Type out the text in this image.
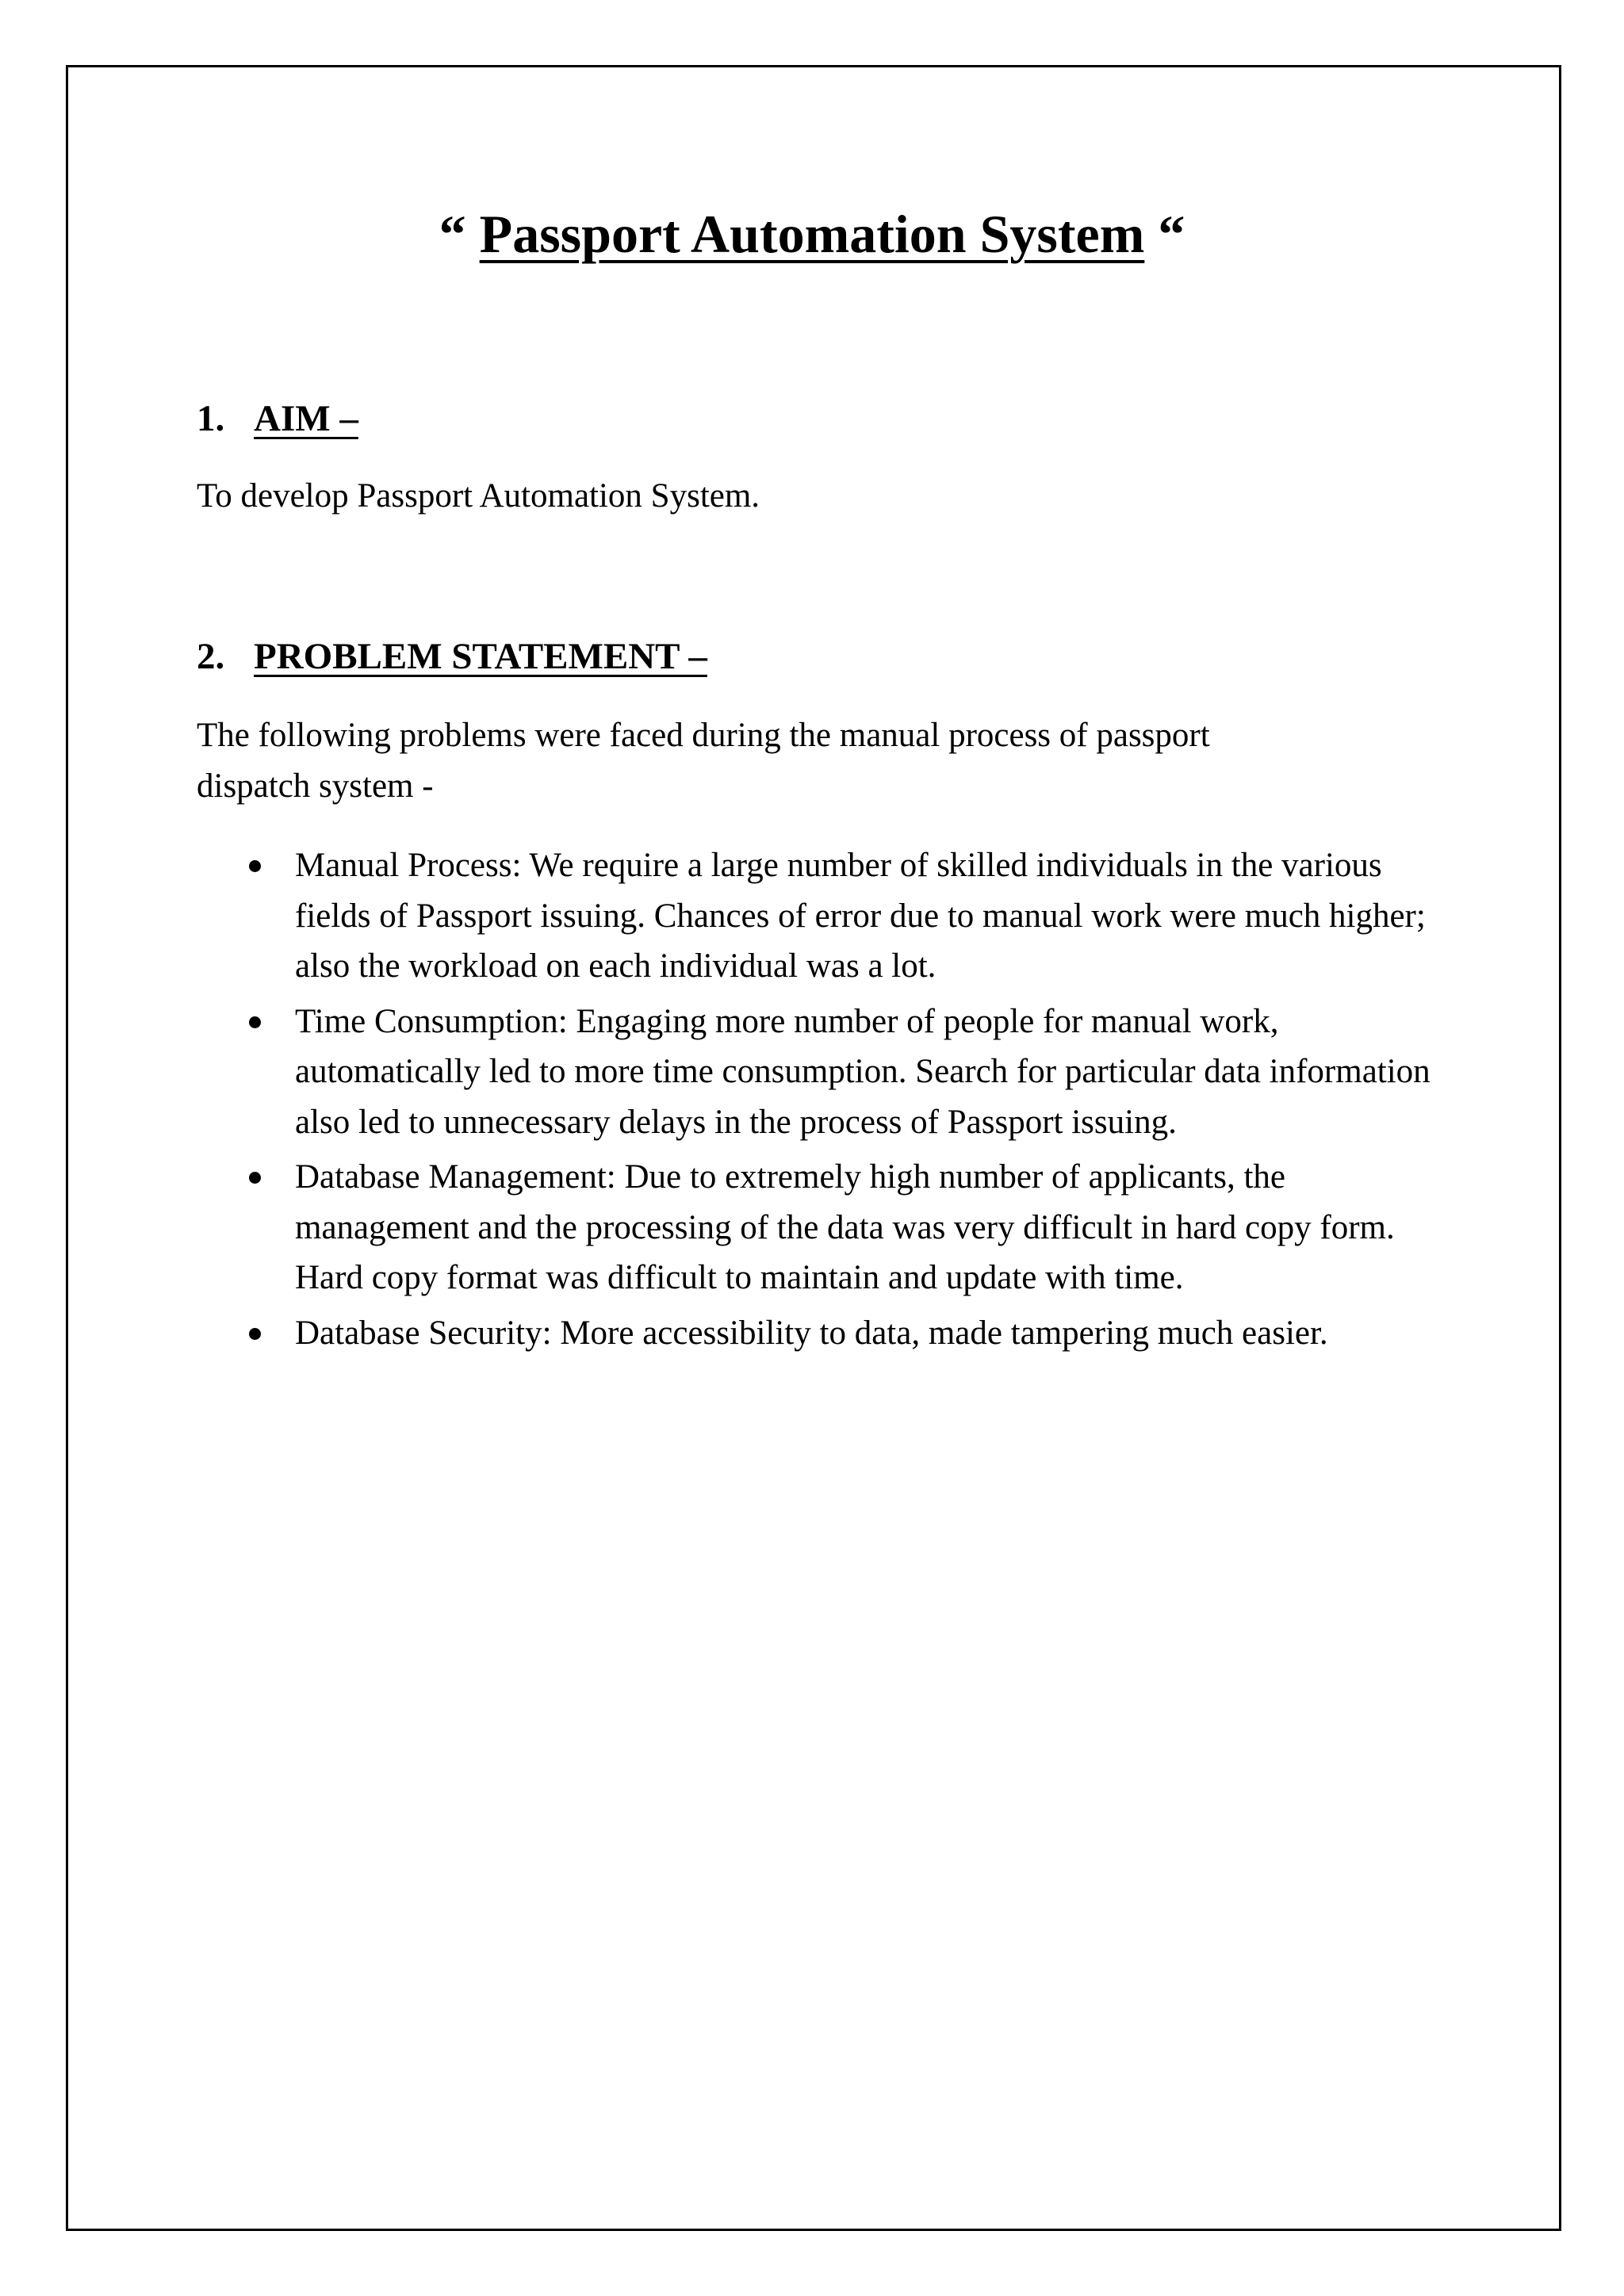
“ Passport Automation System “
1. AIM –
To develop Passport Automation System.
2. PROBLEM STATEMENT –
The following problems were faced during the manual process of passport
dispatch system -
Manual Process: We require a large number of skilled individuals in the various fields of Passport issuing. Chances of error due to manual work were much higher; also the workload on each individual was a lot.
Time Consumption: Engaging more number of people for manual work, automatically led to more time consumption. Search for particular data information also led to unnecessary delays in the process of Passport issuing.
Database Management: Due to extremely high number of applicants, the management and the processing of the data was very difficult in hard copy form. Hard copy format was difficult to maintain and update with time.
Database Security: More accessibility to data, made tampering much easier.
